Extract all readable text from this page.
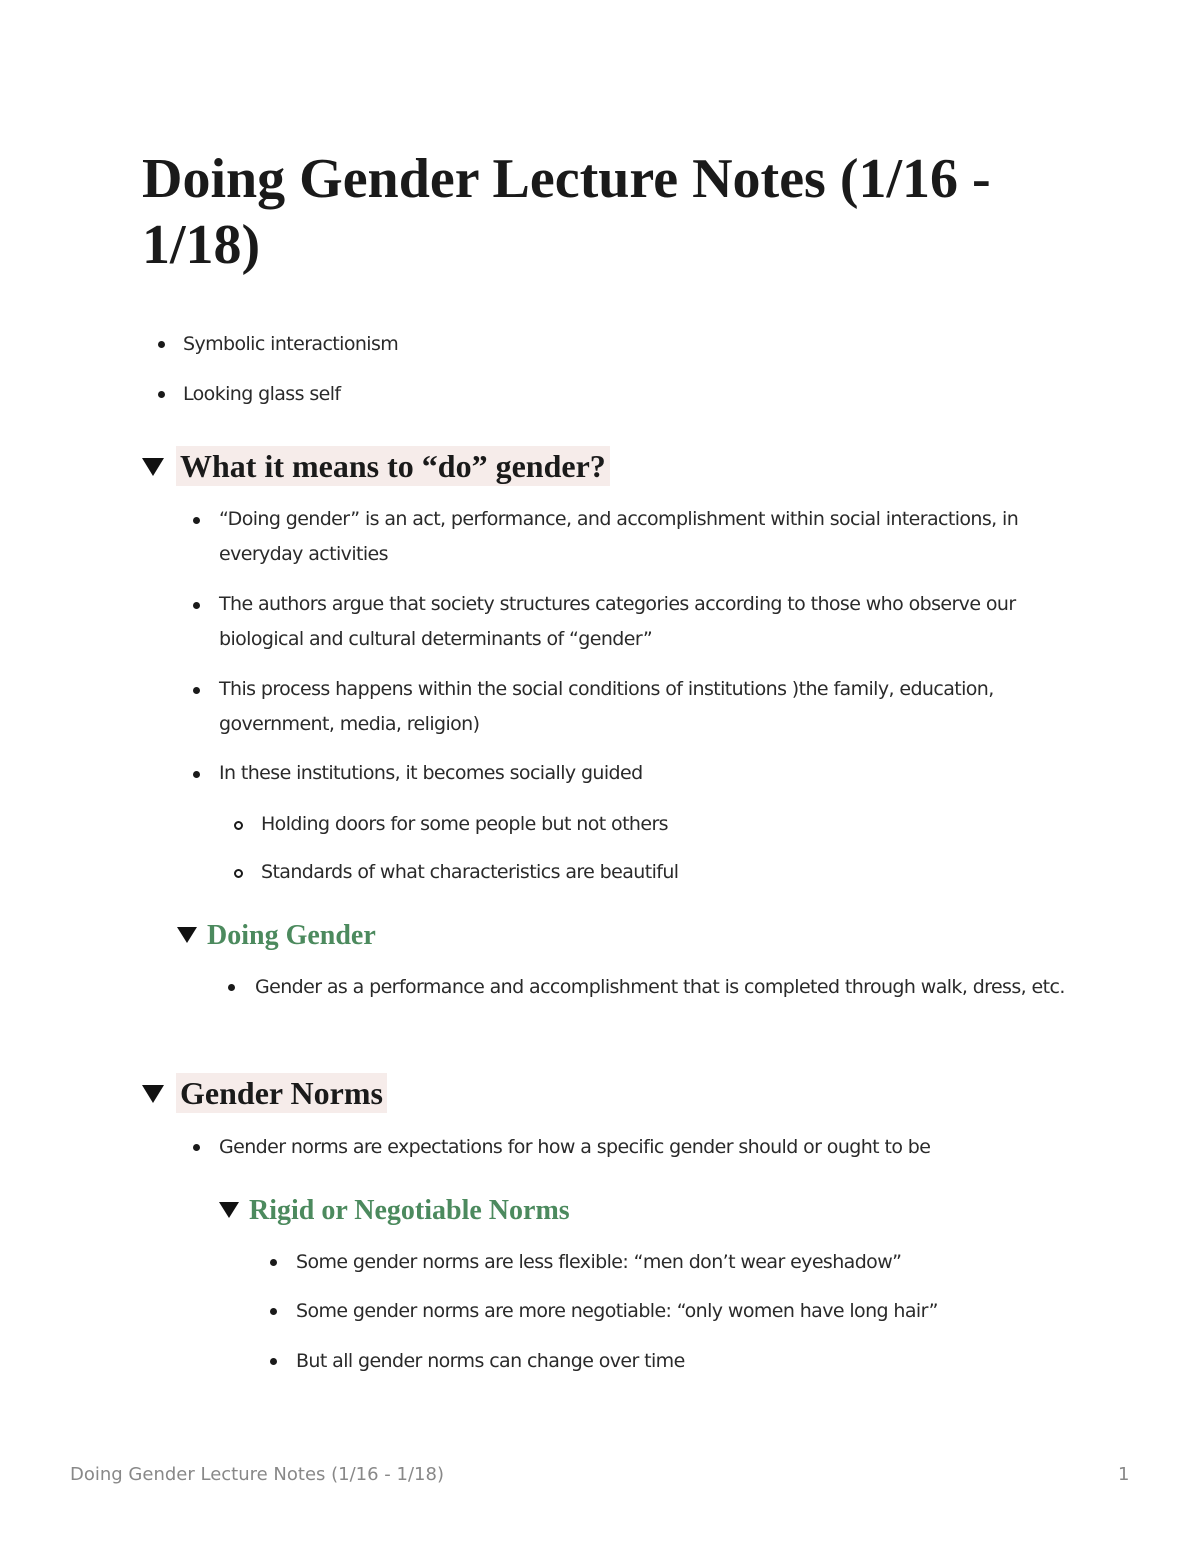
Doing Gender Lecture Notes (1/16 - 1/18)
Symbolic interactionism
Looking glass self
What it means to “do” gender?
“Doing gender” is an act, performance, and accomplishment within social interactions, in everyday activities
The authors argue that society structures categories according to those who observe our biological and cultural determinants of “gender”
This process happens within the social conditions of institutions )the family, education, government, media, religion)
In these institutions, it becomes socially guided
Holding doors for some people but not others
Standards of what characteristics are beautiful
Doing Gender
Gender as a performance and accomplishment that is completed through walk, dress, etc.
Gender Norms
Gender norms are expectations for how a specific gender should or ought to be
Rigid or Negotiable Norms
Some gender norms are less flexible: “men don’t wear eyeshadow”
Some gender norms are more negotiable: “only women have long hair”
But all gender norms can change over time
Doing Gender Lecture Notes (1/16 - 1/18)	1
